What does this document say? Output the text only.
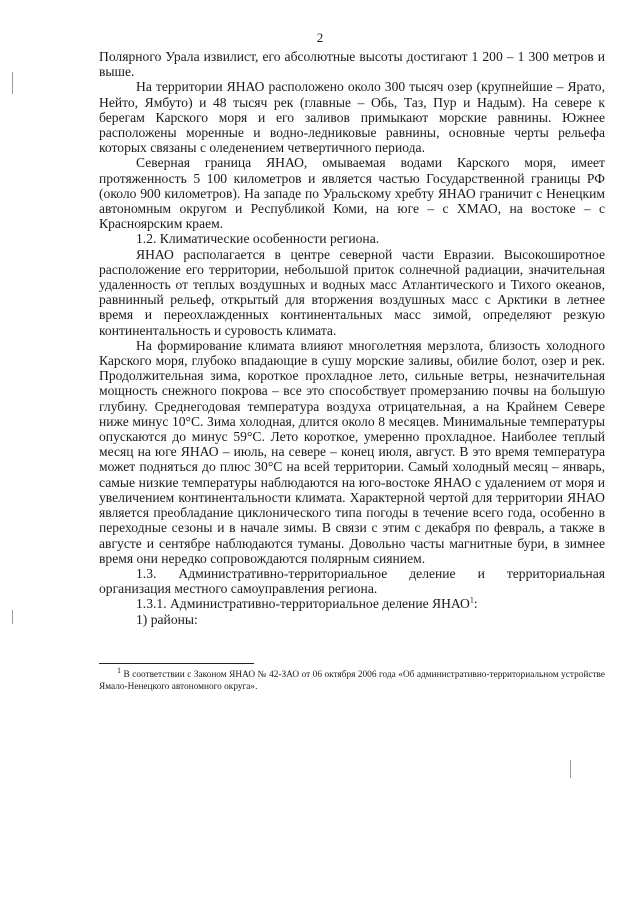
2

Полярного Урала извилист, его абсолютные высоты достигают 1 200 – 1 300 метров и выше.

На территории ЯНАО расположено около 300 тысяч озер (крупнейшие – Ярато, Нейто, Ямбуто) и 48 тысяч рек (главные – Обь, Таз, Пур и Надым). На севере к берегам Карского моря и его заливов примыкают морские равнины. Южнее расположены моренные и водно-ледниковые равнины, основные черты рельефа которых связаны с оледенением четвертичного периода.

Северная граница ЯНАО, омываемая водами Карского моря, имеет протяженность 5 100 километров и является частью Государственной границы РФ (около 900 километров). На западе по Уральскому хребту ЯНАО граничит с Ненецким автономным округом и Республикой Коми, на юге – с ХМАО, на востоке – с Красноярским краем.

1.2. Климатические особенности региона.

ЯНАО располагается в центре северной части Евразии. Высокоширотное расположение его территории, небольшой приток солнечной радиации, значительная удаленность от теплых воздушных и водных масс Атлантического и Тихого океанов, равнинный рельеф, открытый для вторжения воздушных масс с Арктики в летнее время и переохлажденных континентальных масс зимой, определяют резкую континентальность и суровость климата.

На формирование климата влияют многолетняя мерзлота, близость холодного Карского моря, глубоко впадающие в сушу морские заливы, обилие болот, озер и рек. Продолжительная зима, короткое прохладное лето, сильные ветры, незначительная мощность снежного покрова – все это способствует промерзанию почвы на большую глубину. Среднегодовая температура воздуха отрицательная, а на Крайнем Севере ниже минус 10°С. Зима холодная, длится около 8 месяцев. Минимальные температуры опускаются до минус 59°С. Лето короткое, умеренно прохладное. Наиболее теплый месяц на юге ЯНАО – июль, на севере – конец июля, август. В это время температура может подняться до плюс 30°С на всей территории. Самый холодный месяц – январь, самые низкие температуры наблюдаются на юго-востоке ЯНАО с удалением от моря и увеличением континентальности климата. Характерной чертой для территории ЯНАО является преобладание циклонического типа погоды в течение всего года, особенно в переходные сезоны и в начале зимы. В связи с этим с декабря по февраль, а также в августе и сентябре наблюдаются туманы. Довольно часты магнитные бури, в зимнее время они нередко сопровождаются полярным сиянием.

1.3. Административно-территориальное деление и территориальная организация местного самоуправления региона.

1.3.1. Административно-территориальное деление ЯНАО$^1$:

1) районы:

$^1$ В соответствии с Законом ЯНАО № 42-ЗАО от 06 октября 2006 года «Об административно-территориальном устройстве Ямало-Ненецкого автономного округа».
